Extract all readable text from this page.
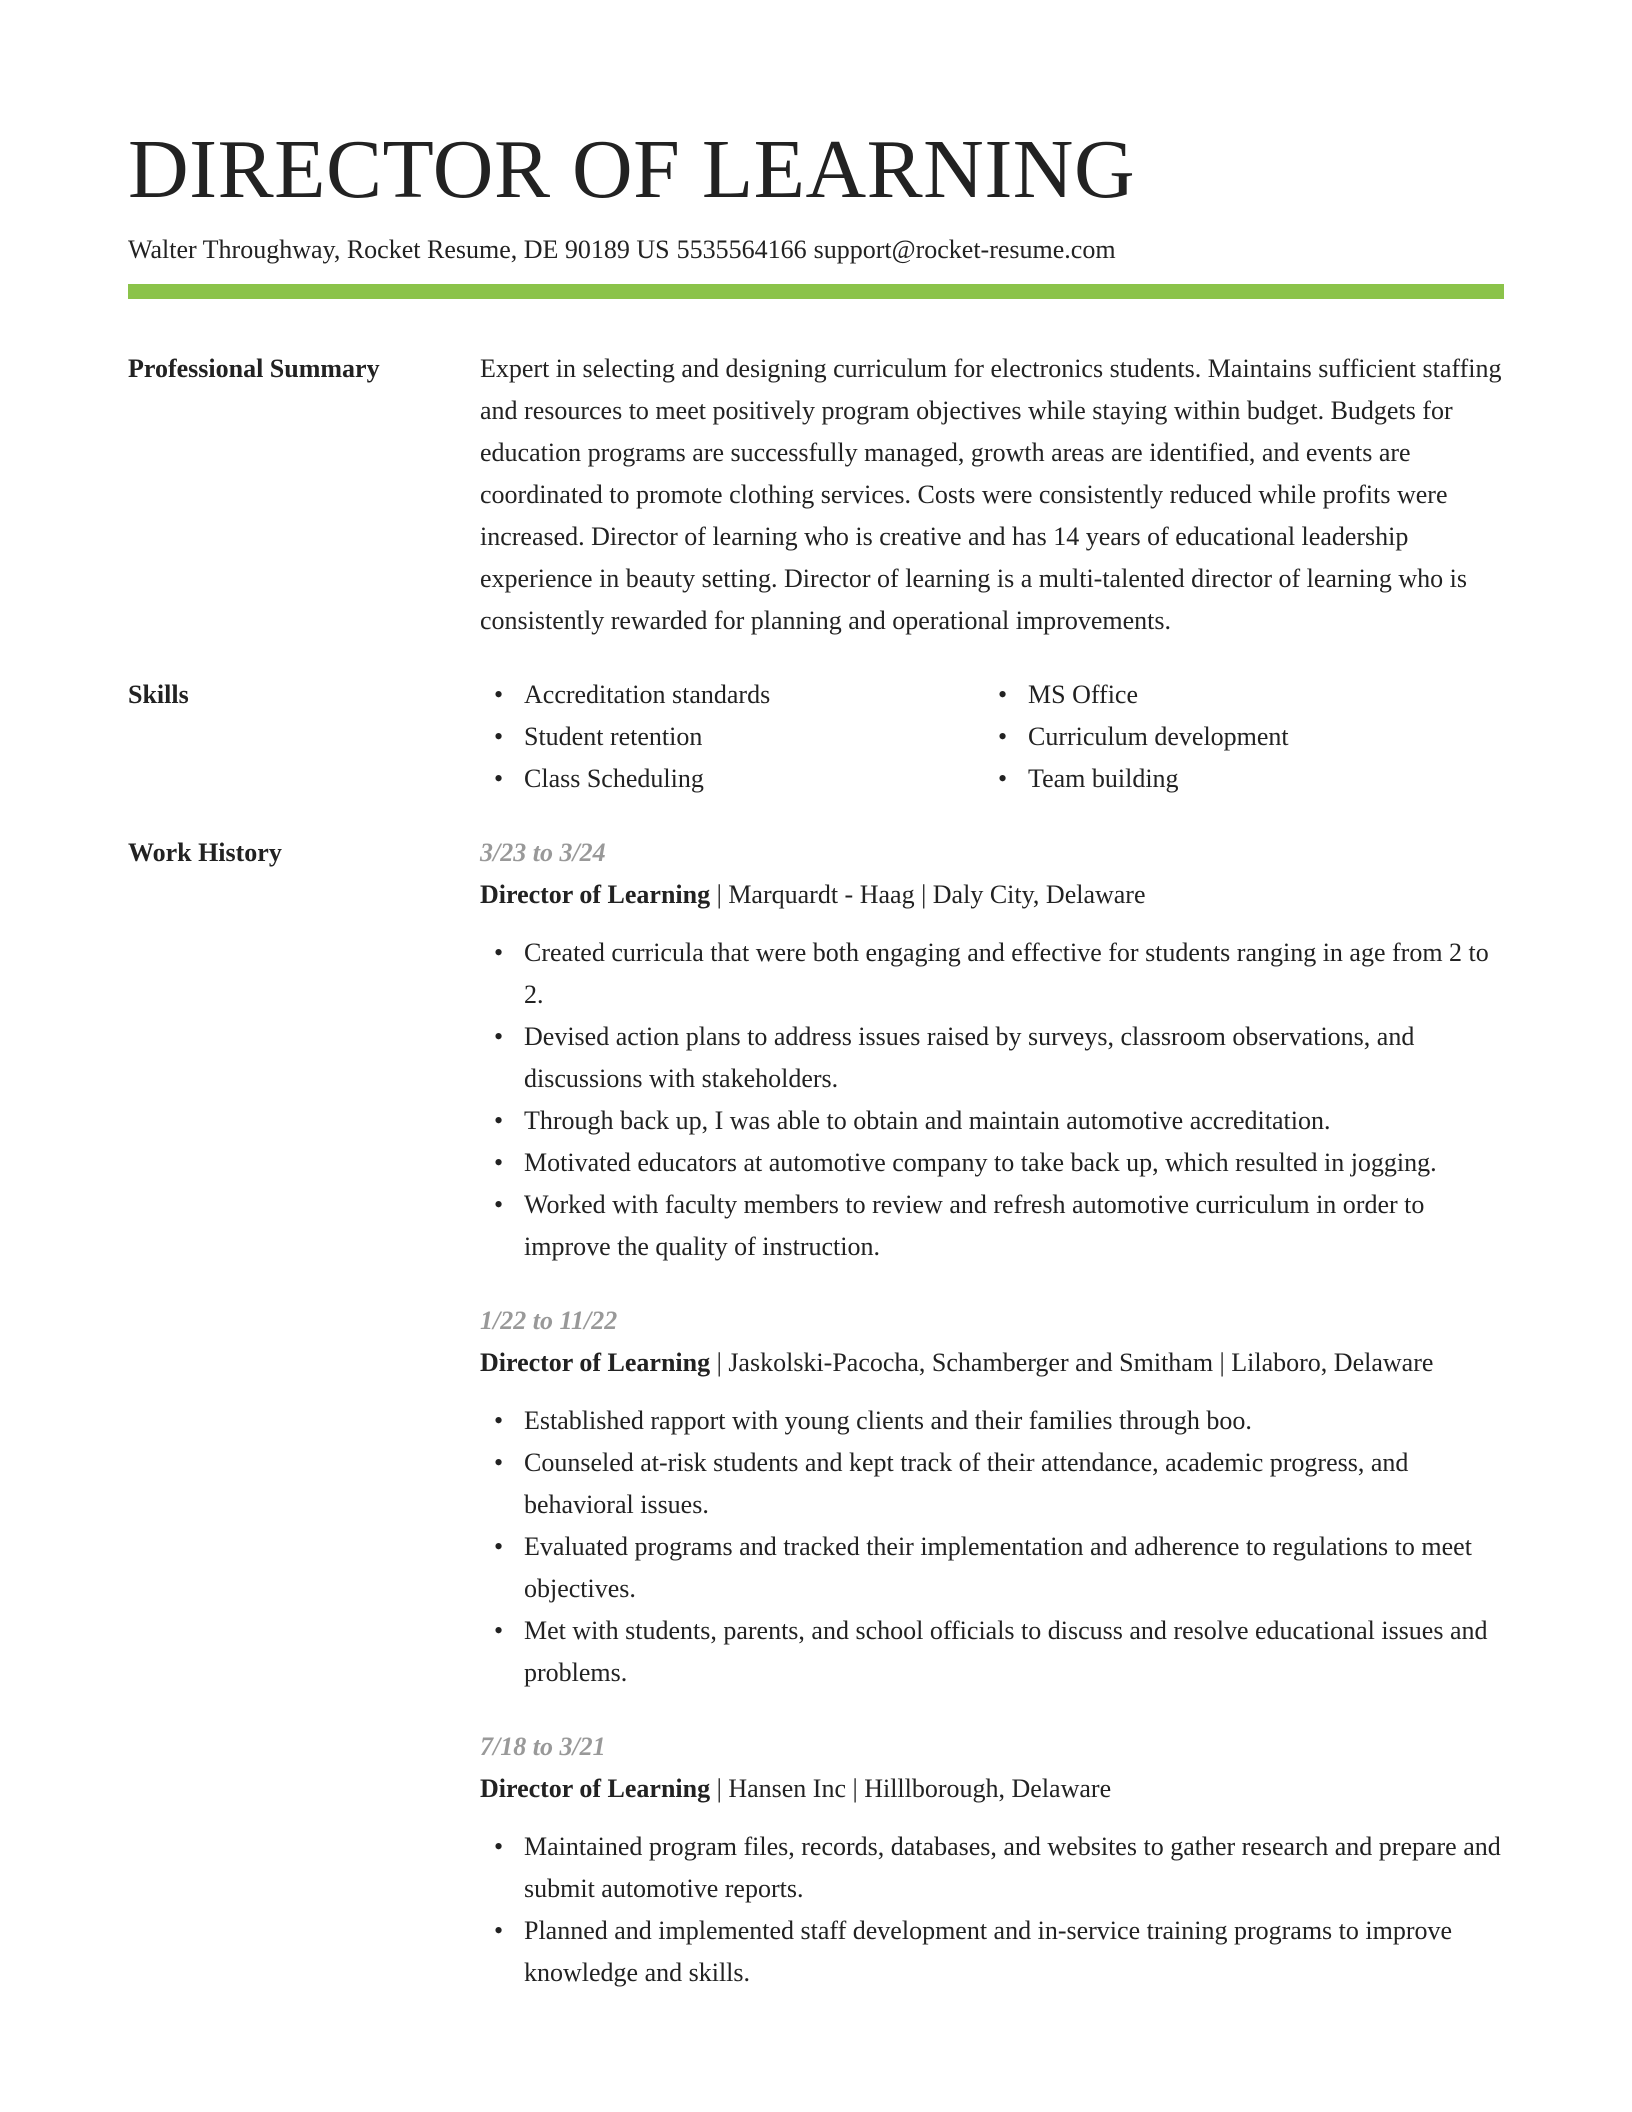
DIRECTOR OF LEARNING
Walter Throughway, Rocket Resume, DE 90189 US 5535564166 support@rocket-resume.com
Professional Summary	Expert in selecting and designing curriculum for electronics students. Maintains sufficient staffing and resources to meet positively program objectives while staying within budget. Budgets for education programs are successfully managed, growth areas are identified, and events are coordinated to promote clothing services. Costs were consistently reduced while profits were increased. Director of learning who is creative and has 14 years of educational leadership experience in beauty setting. Director of learning is a multi-talented director of learning who is consistently rewarded for planning and operational improvements.
Skills
•	Accreditation standards
• Student retention
• Class Scheduling
• MS Office
• Curriculum development
• Team building
Work History	3/23 to 3/24
Director of Learning | Marquardt - Haag | Daly City, Delaware
• Created curricula that were both engaging and effective for students ranging in age from 2 to 2.
• Devised action plans to address issues raised by surveys, classroom observations, and discussions with stakeholders.
• Through back up, I was able to obtain and maintain automotive accreditation.
• Motivated educators at automotive company to take back up, which resulted in jogging.
• Worked with faculty members to review and refresh automotive curriculum in order to improve the quality of instruction.
1/22 to 11/22
Director of Learning | Jaskolski-Pacocha, Schamberger and Smitham | Lilaboro, Delaware
• Established rapport with young clients and their families through boo.
• Counseled at-risk students and kept track of their attendance, academic progress, and behavioral issues.
• Evaluated programs and tracked their implementation and adherence to regulations to meet objectives.
• Met with students, parents, and school officials to discuss and resolve educational issues and problems.
7/18 to 3/21
Director of Learning | Hansen Inc | Hilllborough, Delaware
• Maintained program files, records, databases, and websites to gather research and prepare and submit automotive reports.
• Planned and implemented staff development and in-service training programs to improve knowledge and skills.
